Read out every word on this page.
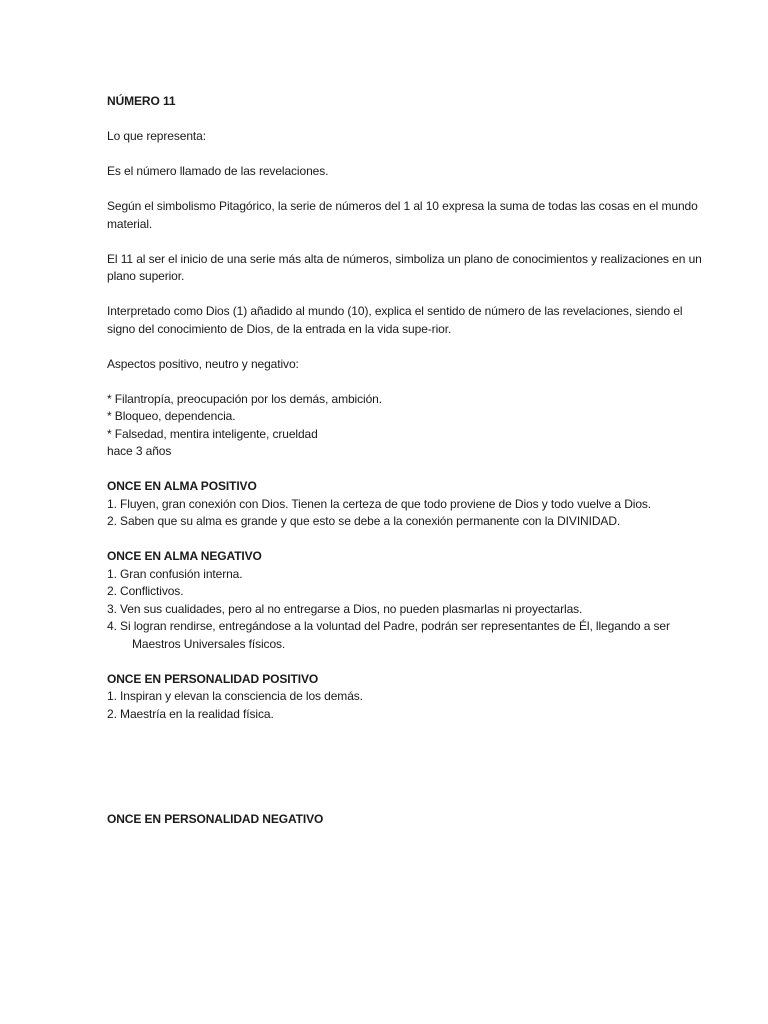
NÚMERO 11

Lo que representa:

Es el número llamado de las revelaciones.

Según el simbolismo Pitagórico, la serie de números del 1 al 10 expresa la suma de todas las cosas en el mundo material.

El 11 al ser el inicio de una serie más alta de números, simboliza un plano de conocimientos y realizaciones en un plano superior.

Interpretado como Dios (1) añadido al mundo (10), explica el sentido de número de las revelaciones, siendo el signo del conocimiento de Dios, de la entrada en la vida supe-rior.

Aspectos positivo, neutro y negativo:

* Filantropía, preocupación por los demás, ambición.

* Bloqueo, dependencia.

* Falsedad, mentira inteligente, crueldad

hace 3 años

ONCE EN ALMA POSITIVO

1. Fluyen, gran conexión con Dios. Tienen la certeza de que todo proviene de Dios y todo vuelve a Dios.
2. Saben que su alma es grande y que esto se debe a la conexión permanente con la DIVINIDAD.

ONCE EN ALMA NEGATIVO

1. Gran confusión interna.
2. Conflictivos.
3. Ven sus cualidades, pero al no entregarse a Dios, no pueden plasmarlas ni proyectarlas.
4. Si logran rendirse, entregándose a la voluntad del Padre, podrán ser representantes de Él, llegando a ser Maestros Universales físicos.

ONCE EN PERSONALIDAD POSITIVO

1. Inspiran y elevan la consciencia de los demás.
2. Maestría en la realidad física.

ONCE EN PERSONALIDAD NEGATIVO
